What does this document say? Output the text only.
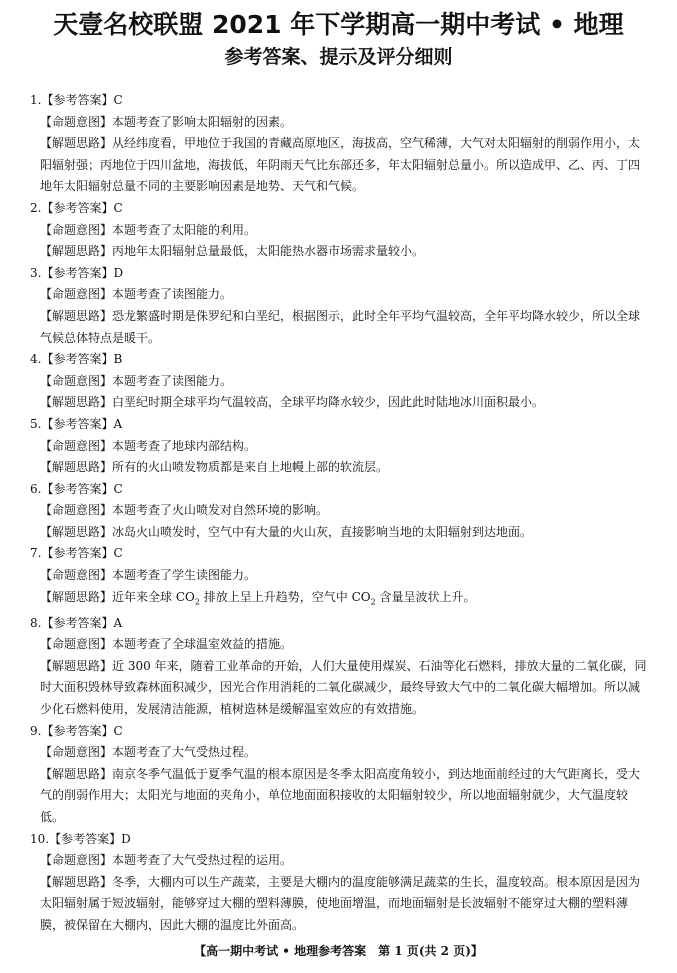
天壹名校联盟 2021 年下学期高一期中考试 • 地理
参考答案、提示及评分细则

1.【参考答案】C

【命题意图】本题考查了影响太阳辐射的因素。

【解题思路】从经纬度看，甲地位于我国的青藏高原地区，海拔高，空气稀薄，大气对太阳辐射的削弱作用小，太阳辐射强；丙地位于四川盆地，海拔低，年阴雨天气比东部还多，年太阳辐射总量小。所以造成甲、乙、丙、丁四地年太阳辐射总量不同的主要影响因素是地势、天气和气候。

2.【参考答案】C

【命题意图】本题考查了太阳能的利用。

【解题思路】丙地年太阳辐射总量最低，太阳能热水器市场需求量较小。

3.【参考答案】D

【命题意图】本题考查了读图能力。

【解题思路】恐龙繁盛时期是侏罗纪和白垩纪，根据图示，此时全年平均气温较高，全年平均降水较少，所以全球气候总体特点是暖干。

4.【参考答案】B

【命题意图】本题考查了读图能力。

【解题思路】白垩纪时期全球平均气温较高，全球平均降水较少，因此此时陆地冰川面积最小。

5.【参考答案】A

【命题意图】本题考查了地球内部结构。

【解题思路】所有的火山喷发物质都是来自上地幔上部的软流层。

6.【参考答案】C

【命题意图】本题考查了火山喷发对自然环境的影响。

【解题思路】冰岛火山喷发时，空气中有大量的火山灰，直接影响当地的太阳辐射到达地面。

7.【参考答案】C

【命题意图】本题考查了学生读图能力。

【解题思路】近年来全球 $CO_2$ 排放上呈上升趋势，空气中 $CO_2$ 含量呈波状上升。

8.【参考答案】A

【命题意图】本题考查了全球温室效益的措施。

【解题思路】近 300 年来，随着工业革命的开始，人们大量使用煤炭、石油等化石燃料，排放大量的二氧化碳，同时大面积毁林导致森林面积减少，因光合作用消耗的二氧化碳减少，最终导致大气中的二氧化碳大幅增加。所以减少化石燃料使用，发展清洁能源，植树造林是缓解温室效应的有效措施。

9.【参考答案】C

【命题意图】本题考查了大气受热过程。

【解题思路】南京冬季气温低于夏季气温的根本原因是冬季太阳高度角较小，到达地面前经过的大气距离长，受大气的削弱作用大；太阳光与地面的夹角小，单位地面面积接收的太阳辐射较少，所以地面辐射就少，大气温度较低。

10.【参考答案】D

【命题意图】本题考查了大气受热过程的运用。

【解题思路】冬季，大棚内可以生产蔬菜，主要是大棚内的温度能够满足蔬菜的生长，温度较高。根本原因是因为太阳辐射属于短波辐射，能够穿过大棚的塑料薄膜，使地面增温，而地面辐射是长波辐射不能穿过大棚的塑料薄膜，被保留在大棚内，因此大棚的温度比外面高。

【高一期中考试 • 地理参考答案　第 1 页(共 2 页)】
